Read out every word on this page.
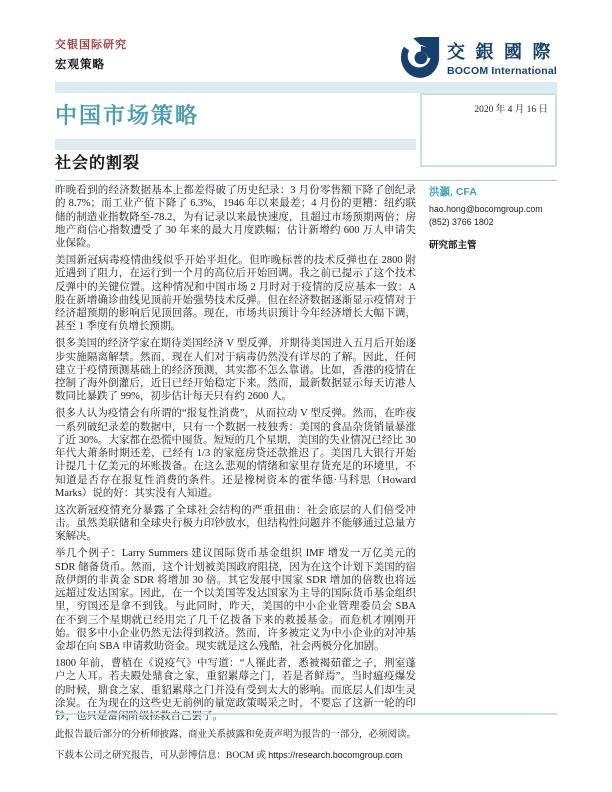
交银国际研究
宏观策略
交 銀 國 際
BOCOM International
中国市场策略	2020 年 4 月 16 日
社会的割裂

昨晚看到的经济数据基本上都差得破了历史纪录：3 月份零售额下降了创纪录的 8.7%；而工业产值下降了 6.3%，1946 年以来最差；4 月份的更糟：纽约联储的制造业指数降至-78.2，为有记录以来最快速度，且超过市场预期两倍；房地产商信心指数遭受了 30 年来的最大月度跌幅；估计新增约 600 万人申请失业保险。

美国新冠病毒疫情曲线似乎开始平坦化。但昨晚标普的技术反弹也在 2800 附近遇到了阻力，在运行到一个月的高位后开始回调。我之前已提示了这个技术反弹中的关键位置。这种情况和中国市场 2 月时对于疫情的反应基本一致：A 股在新增确诊曲线见顶前开始强势技术反弹。但在经济数据逐渐显示疫情对于经济超预期的影响后见顶回落。现在，市场共识预计今年经济增长大幅下调，甚至 1 季度有负增长预期。

很多美国的经济学家在期待美国经济 V 型反弹，并期待美国进入五月后开始逐步实施隔离解禁。然而，现在人们对于病毒仍然没有详尽的了解。因此，任何建立于疫情预测基础上的经济预测，其实都不怎么靠谱。比如，香港的疫情在控制了海外倒灌后，近日已经开始稳定下来。然而，最新数据显示每天访港人数同比暴跌了 99%，初步估计每天只有约 2600 人。

很多人认为疫情会有所谓的“报复性消费”，从而拉动 V 型反弹。然而，在昨夜一系列破纪录差的数据中，只有一个数据一枝独秀：美国的食品杂货销量暴涨了近 30%。大家都在恐慌中囤货。短短的几个星期，美国的失业情况已经比 30 年代大萧条时期还差，已经有 1/3 的家庭房贷还款推迟了。美国几大银行开始计提几十亿美元的坏账拨备。在这么悲观的情绪和家里存货充足的环境里，不知道是否存在报复性消费的条件。还是橡树资本的霍华德·马科思（Howard Marks）说的好：其实没有人知道。

这次新冠疫情充分暴露了全球社会结构的严重扭曲：社会底层的人们倍受冲击。虽然美联储和全球央行极力印钞放水，但结构性问题并不能够通过总量方案解决。

举几个例子：Larry Summers 建议国际货币基金组织 IMF 增发一万亿美元的 SDR 储备货币。然而，这个计划被美国政府阻挠，因为在这个计划下美国的宿敌伊朗的非黄金 SDR 将增加 30 倍。其它发展中国家 SDR 增加的倍数也将远远超过发达国家。因此，在一个以美国等发达国家为主导的国际货币基金组织里，穷国还是拿不到钱。与此同时，昨天，美国的中小企业管理委员会 SBA 在不到三个星期就已经用完了几千亿拨备下来的救援基金。而危机才刚刚开始。很多中小企业仍然无法得到救济。然而，许多被定义为中小企业的对冲基金却在向 SBA 申请救助资金。现实就是这么残酷，社会两极分化加剧。

1800 年前，曹植在《说疫气》中写道：“人罹此者，悉被褐茹藿之子，荆室蓬户之人耳。若夫殿处鼎食之家，重貂累蓐之门，若是者鲜焉”。当时瘟疫爆发的时候，鼎食之家、重貂累蓐之门并没有受到太大的影响。而底层人们却生灵涂炭。在为现在的这些史无前例的量宽政策喝采之时，不要忘了这新一轮的印钞，也只是富闲阶级拯救自己罢了。

洪灝, CFA
hao.hong@bocomgroup.com
(852) 3766 1802
研究部主管
此报告最后部分的分析师披露、商业关系披露和免责声明为报告的一部分，必须阅读。
下载本公司之研究报告，可从彭博信息：BOCM 或 https://research.bocomgroup.com
